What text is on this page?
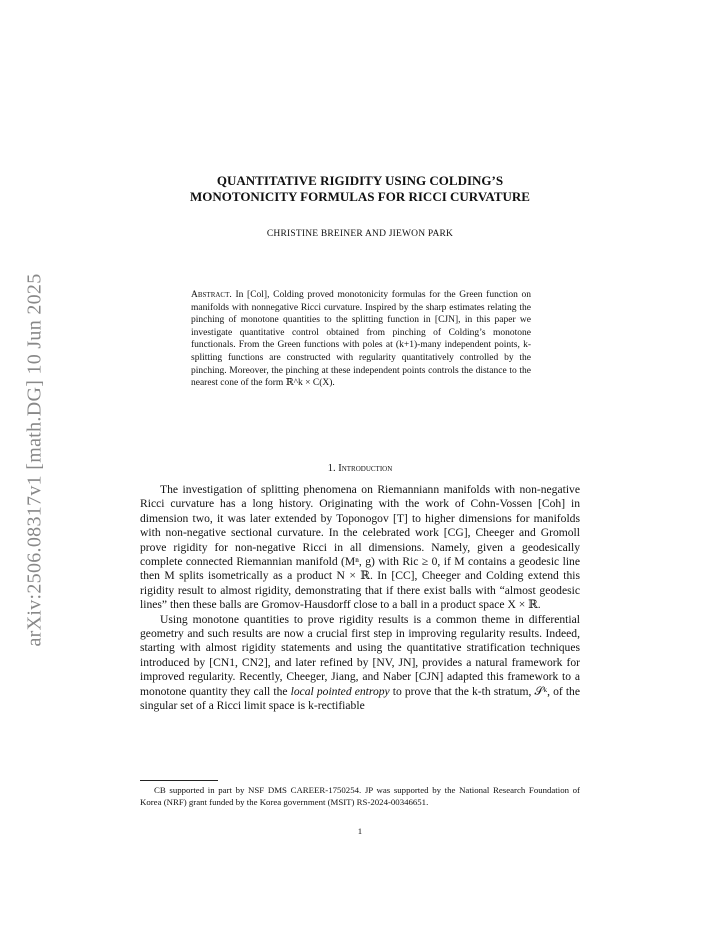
arXiv:2506.08317v1 [math.DG] 10 Jun 2025
QUANTITATIVE RIGIDITY USING COLDING’S
MONOTONICITY FORMULAS FOR RICCI CURVATURE
CHRISTINE BREINER AND JIEWON PARK
Abstract. In [Col], Colding proved monotonicity formulas for the Green function on manifolds with nonnegative Ricci curvature. Inspired by the sharp estimates relating the pinching of monotone quantities to the splitting function in [CJN], in this paper we investigate quantitative control obtained from pinching of Colding’s monotone functionals. From the Green functions with poles at (k+1)-many independent points, k-splitting functions are constructed with regularity quantitatively controlled by the pinching. Moreover, the pinching at these independent points controls the distance to the nearest cone of the form ℝ^k × C(X).
1. Introduction

The investigation of splitting phenomena on Riemanniann manifolds with non-negative Ricci curvature has a long history. Originating with the work of Cohn-Vossen [Coh] in dimension two, it was later extended by Toponogov [T] to higher dimensions for manifolds with non-negative sectional curvature. In the celebrated work [CG], Cheeger and Gromoll prove rigidity for non-negative Ricci in all dimensions. Namely, given a geodesically complete connected Riemannian manifold (Mⁿ, g) with Ric ≥ 0, if M contains a geodesic line then M splits isometrically as a product N × ℝ. In [CC], Cheeger and Colding extend this rigidity result to almost rigidity, demonstrating that if there exist balls with “almost geodesic lines” then these balls are Gromov-Hausdorff close to a ball in a product space X × ℝ.

Using monotone quantities to prove rigidity results is a common theme in differential geometry and such results are now a crucial first step in improving regularity results. Indeed, starting with almost rigidity statements and using the quantitative stratification techniques introduced by [CN1, CN2], and later refined by [NV, JN], provides a natural framework for improved regularity. Recently, Cheeger, Jiang, and Naber [CJN] adapted this framework to a monotone quantity they call the local pointed entropy to prove that the k-th stratum, 𝒮ᵏ, of the singular set of a Ricci limit space is k-rectifiable

CB supported in part by NSF DMS CAREER-1750254. JP was supported by the National Research Foundation of Korea (NRF) grant funded by the Korea government (MSIT) RS-2024-00346651.

1
